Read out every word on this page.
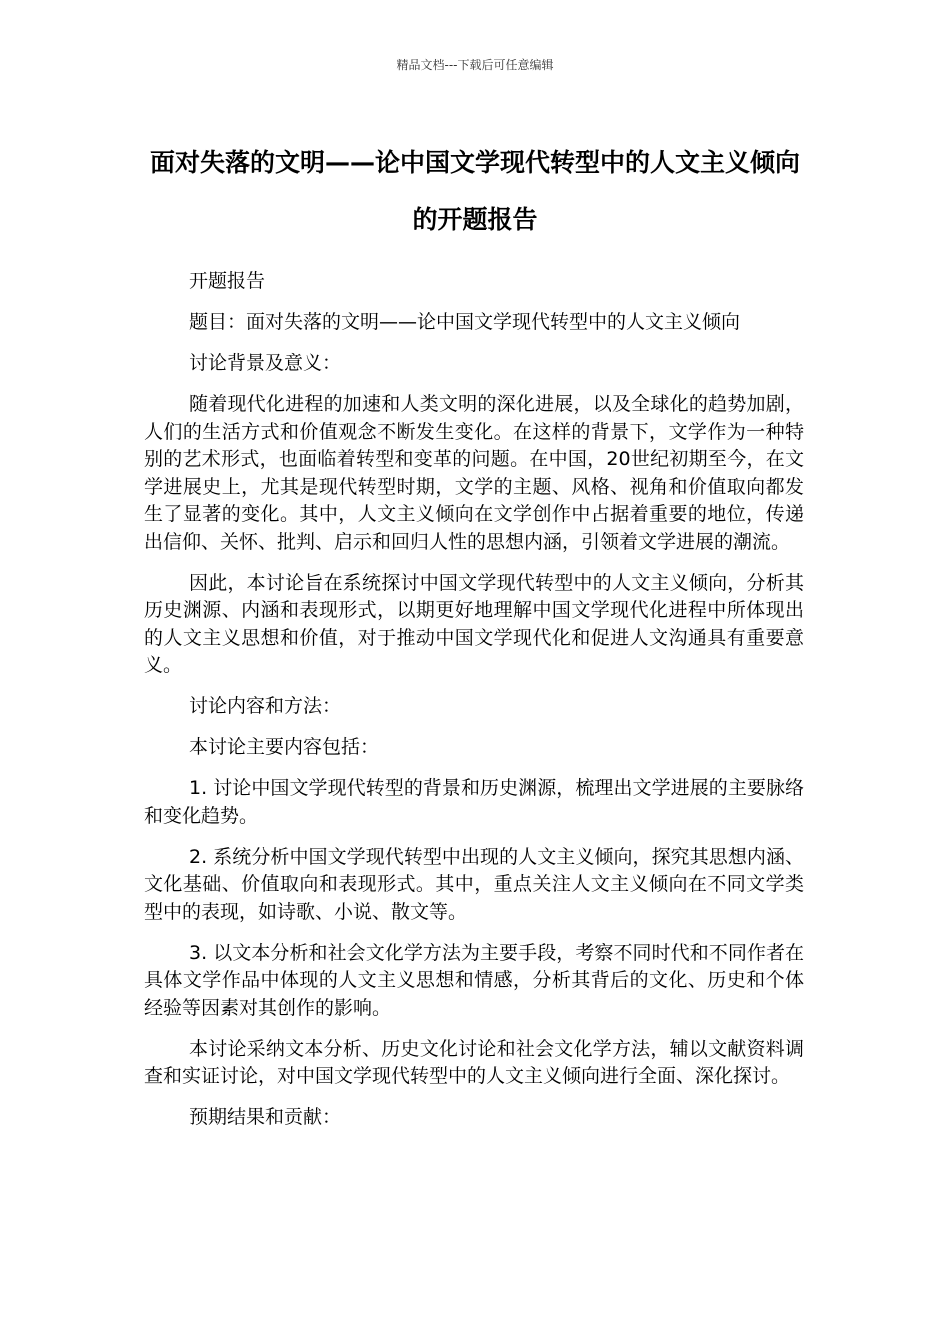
精品文档---下载后可任意编辑
面对失落的文明——论中国文学现代转型中的人文主义倾向的开题报告

开题报告

题目：面对失落的文明——论中国文学现代转型中的人文主义倾向

讨论背景及意义：

随着现代化进程的加速和人类文明的深化进展，以及全球化的趋势加剧，人们的生活方式和价值观念不断发生变化。在这样的背景下，文学作为一种特别的艺术形式，也面临着转型和变革的问题。在中国，20世纪初期至今，在文学进展史上，尤其是现代转型时期，文学的主题、风格、视角和价值取向都发生了显著的变化。其中，人文主义倾向在文学创作中占据着重要的地位，传递出信仰、关怀、批判、启示和回归人性的思想内涵，引领着文学进展的潮流。

因此，本讨论旨在系统探讨中国文学现代转型中的人文主义倾向，分析其历史渊源、内涵和表现形式，以期更好地理解中国文学现代化进程中所体现出的人文主义思想和价值，对于推动中国文学现代化和促进人文沟通具有重要意义。

讨论内容和方法：

本讨论主要内容包括：

1. 讨论中国文学现代转型的背景和历史渊源，梳理出文学进展的主要脉络和变化趋势。

2. 系统分析中国文学现代转型中出现的人文主义倾向，探究其思想内涵、文化基础、价值取向和表现形式。其中，重点关注人文主义倾向在不同文学类型中的表现，如诗歌、小说、散文等。

3. 以文本分析和社会文化学方法为主要手段，考察不同时代和不同作者在具体文学作品中体现的人文主义思想和情感，分析其背后的文化、历史和个体经验等因素对其创作的影响。

本讨论采纳文本分析、历史文化讨论和社会文化学方法，辅以文献资料调查和实证讨论，对中国文学现代转型中的人文主义倾向进行全面、深化探讨。

预期结果和贡献：
